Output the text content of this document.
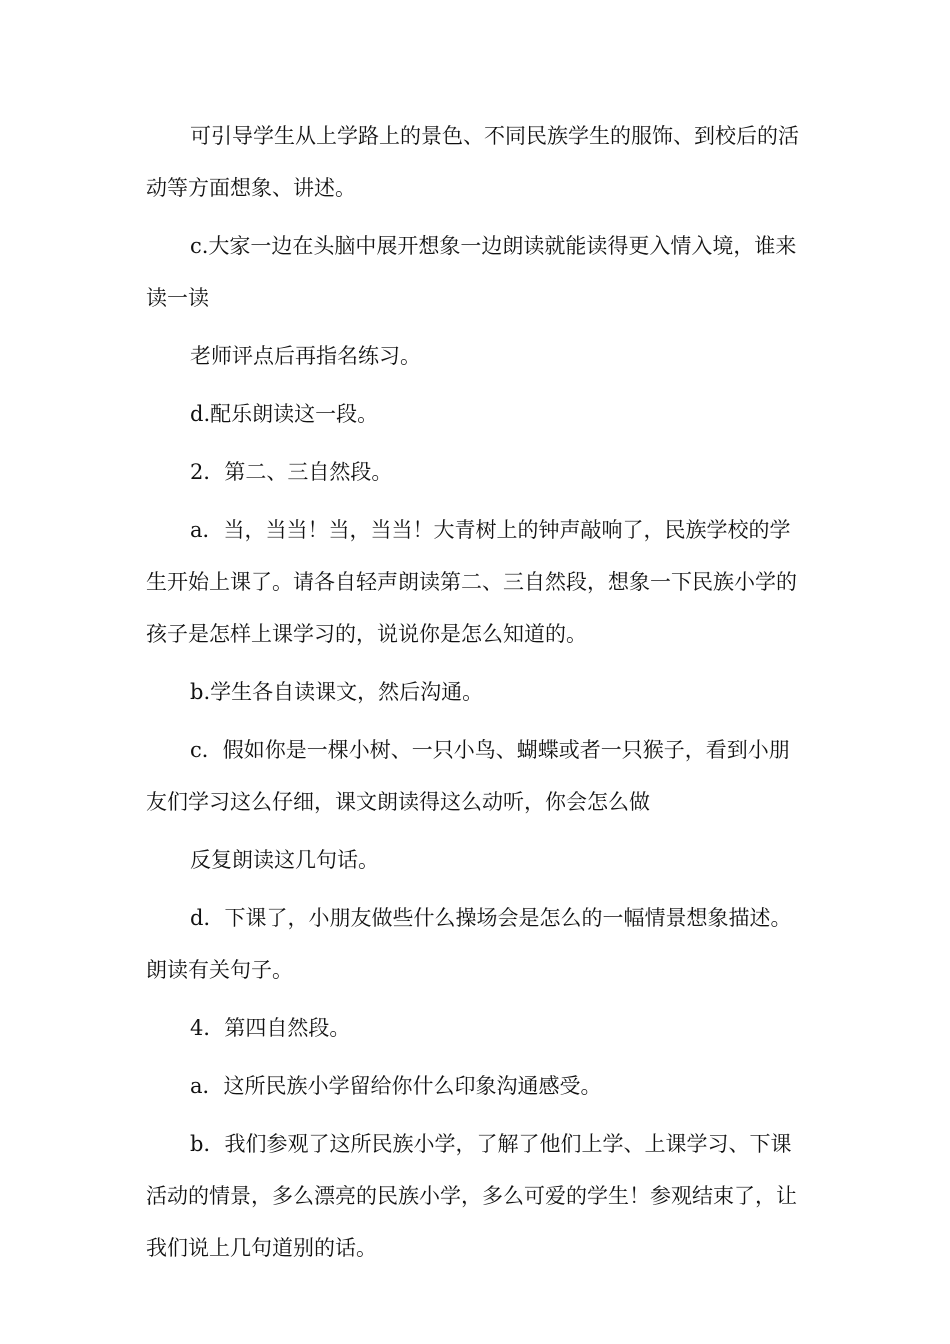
可引导学生从上学路上的景色、不同民族学生的服饰、到校后的活动等方面想象、讲述。

c.大家一边在头脑中展开想象一边朗读就能读得更入情入境，谁来读一读

老师评点后再指名练习。

d.配乐朗读这一段。

2．第二、三自然段。

a．当，当当！当，当当！大青树上的钟声敲响了，民族学校的学生开始上课了。请各自轻声朗读第二、三自然段，想象一下民族小学的孩子是怎样上课学习的，说说你是怎么知道的。

b.学生各自读课文，然后沟通。

c．假如你是一棵小树、一只小鸟、蝴蝶或者一只猴子，看到小朋友们学习这么仔细，课文朗读得这么动听，你会怎么做

反复朗读这几句话。

d．下课了，小朋友做些什么操场会是怎么的一幅情景想象描述。朗读有关句子。

4．第四自然段。

a．这所民族小学留给你什么印象沟通感受。

b．我们参观了这所民族小学，了解了他们上学、上课学习、下课活动的情景，多么漂亮的民族小学，多么可爱的学生！参观结束了，让我们说上几句道别的话。
